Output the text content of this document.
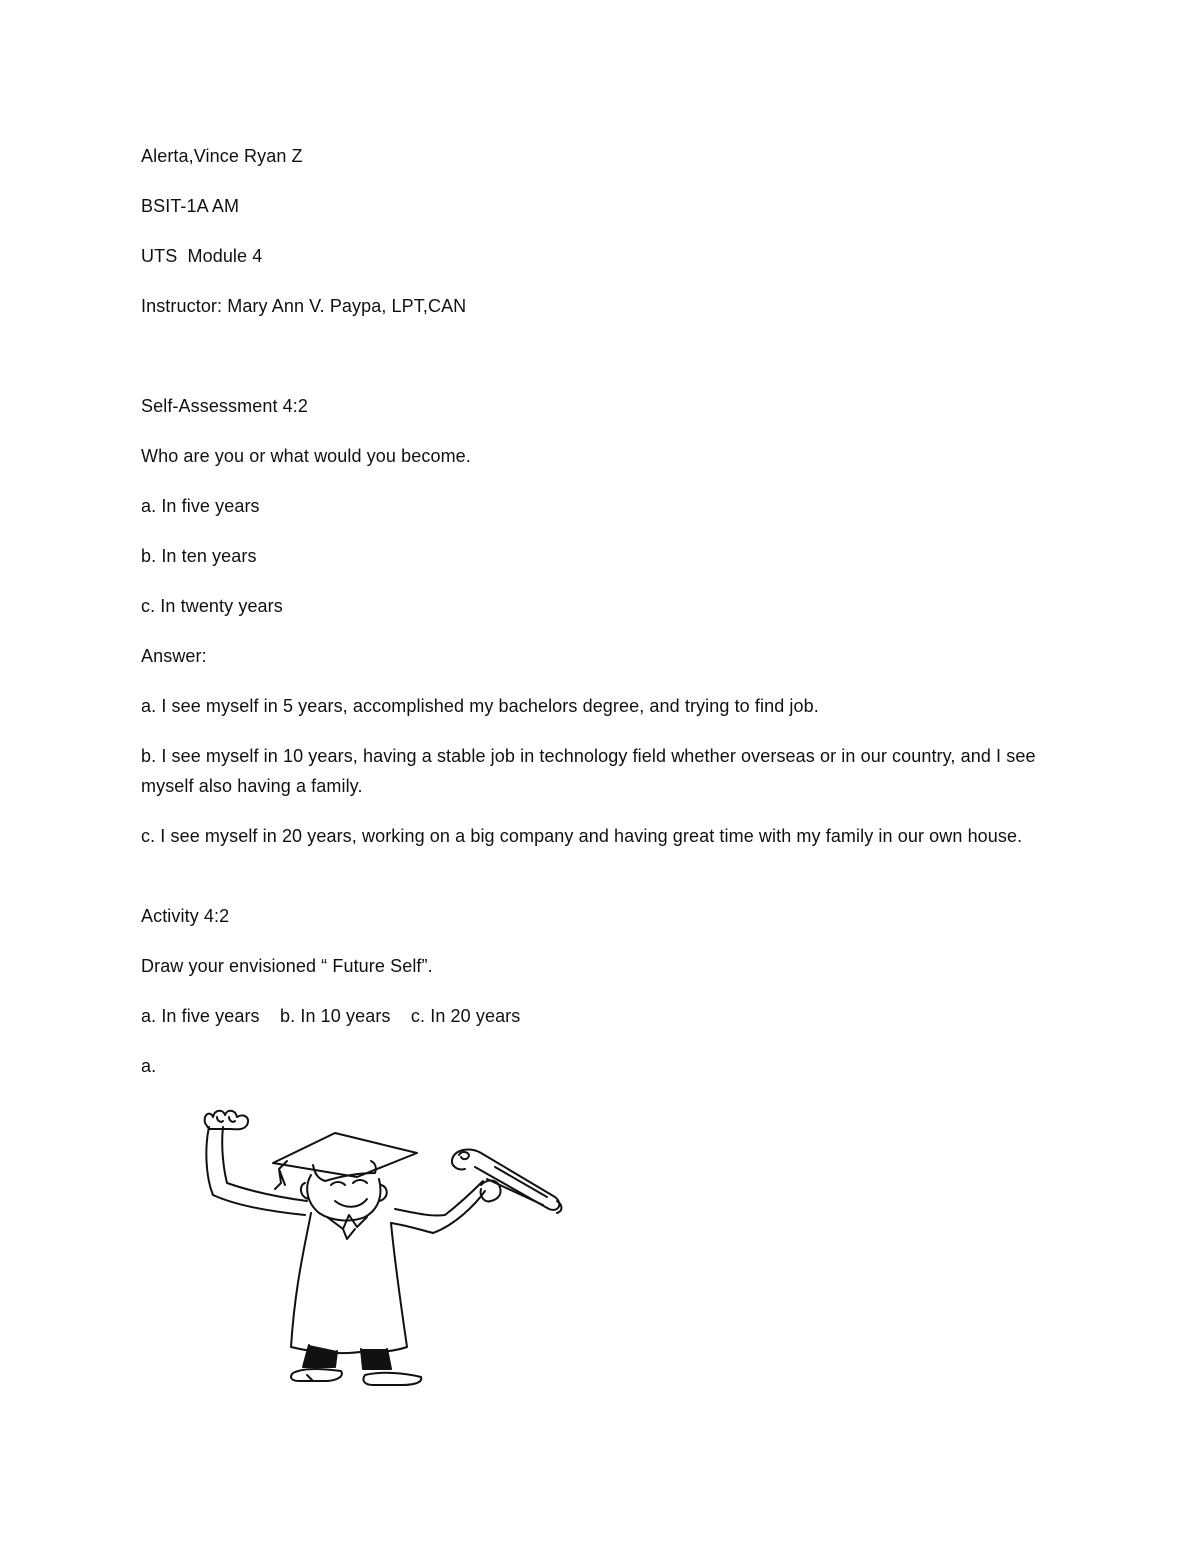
Alerta,Vince Ryan Z
BSIT-1A AM
UTS  Module 4
Instructor: Mary Ann V. Paypa, LPT,CAN
Self-Assessment 4:2
Who are you or what would you become.
a. In five years
b. In ten years
c. In twenty years
Answer:
a. I see myself in 5 years, accomplished my bachelors degree, and trying to find job.
b. I see myself in 10 years, having a stable job in technology field whether overseas or in our country, and I see myself also having a family.
c. I see myself in 20 years, working on a big company and having great time with my family in our own house.
Activity 4:2
Draw your envisioned “ Future Self”.
a. In five years    b. In 10 years    c. In 20 years
a.
